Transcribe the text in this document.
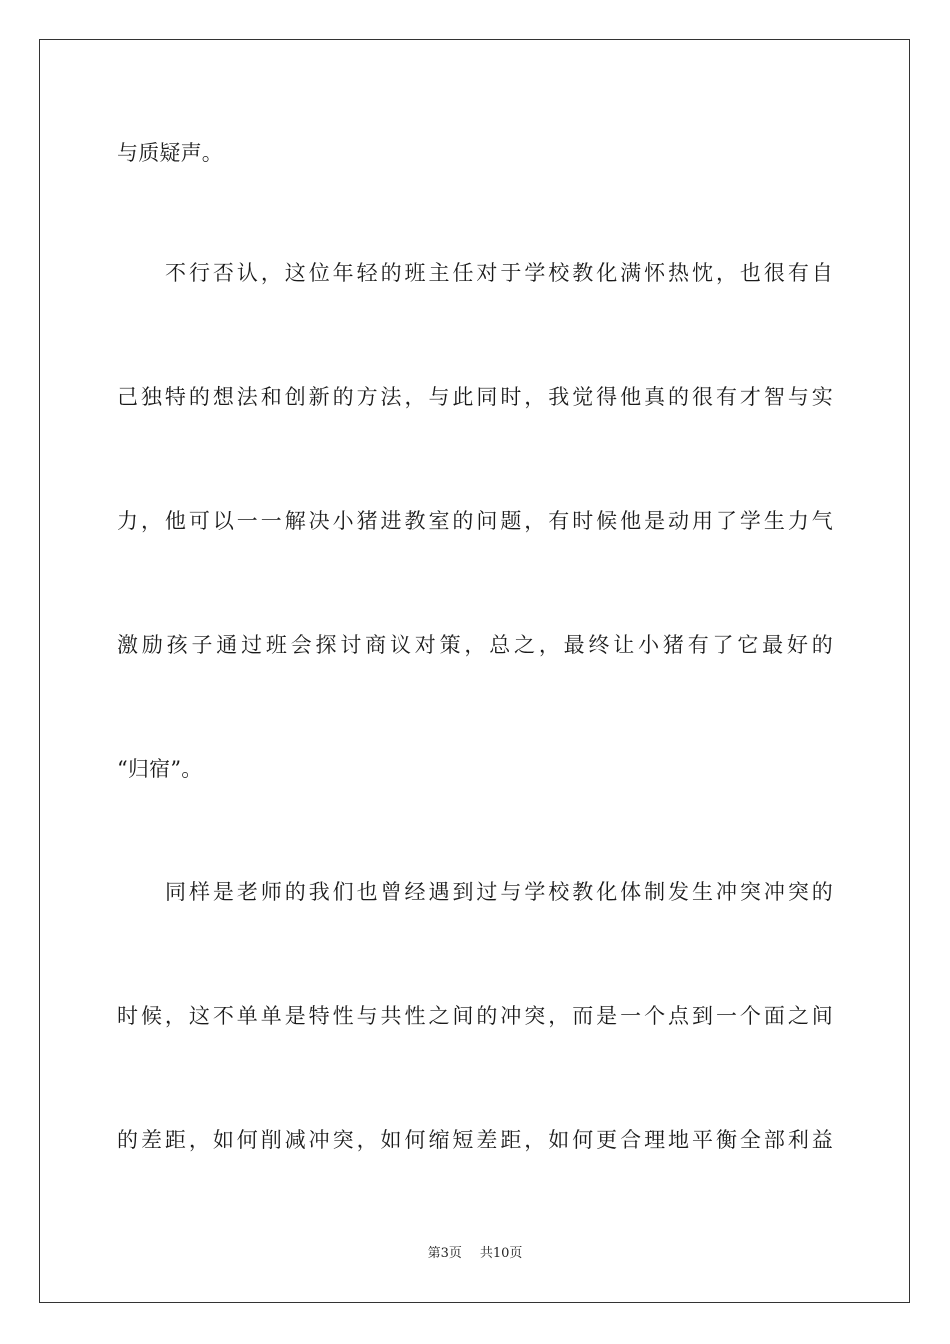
与质疑声。
不行否认，这位年轻的班主任对于学校教化满怀热忱，也很有自
己独特的想法和创新的方法，与此同时，我觉得他真的很有才智与实
力，他可以一一解决小猪进教室的问题，有时候他是动用了学生力气
激励孩子通过班会探讨商议对策，总之，最终让小猪有了它最好的
“归宿”。
同样是老师的我们也曾经遇到过与学校教化体制发生冲突冲突的
时候，这不单单是特性与共性之间的冲突，而是一个点到一个面之间
的差距，如何削减冲突，如何缩短差距，如何更合理地平衡全部利益
第3页 共10页
